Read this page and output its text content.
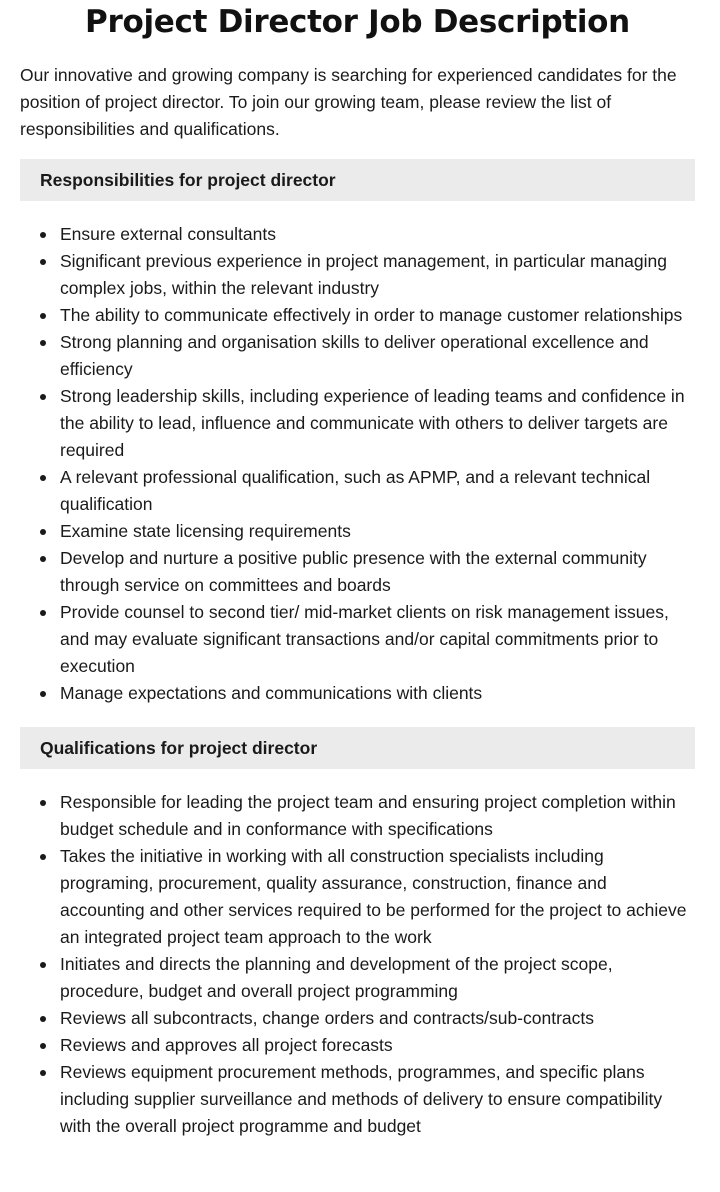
Project Director Job Description

Our innovative and growing company is searching for experienced candidates for the position of project director. To join our growing team, please review the list of responsibilities and qualifications.

Responsibilities for project director
Ensure external consultants
Significant previous experience in project management, in particular managing complex jobs, within the relevant industry
The ability to communicate effectively in order to manage customer relationships
Strong planning and organisation skills to deliver operational excellence and efficiency
Strong leadership skills, including experience of leading teams and confidence in the ability to lead, influence and communicate with others to deliver targets are required
A relevant professional qualification, such as APMP, and a relevant technical qualification
Examine state licensing requirements
Develop and nurture a positive public presence with the external community through service on committees and boards
Provide counsel to second tier/ mid-market clients on risk management issues, and may evaluate significant transactions and/or capital commitments prior to execution
Manage expectations and communications with clients
Qualifications for project director
Responsible for leading the project team and ensuring project completion within budget schedule and in conformance with specifications
Takes the initiative in working with all construction specialists including programing, procurement, quality assurance, construction, finance and accounting and other services required to be performed for the project to achieve an integrated project team approach to the work
Initiates and directs the planning and development of the project scope, procedure, budget and overall project programming
Reviews all subcontracts, change orders and contracts/sub-contracts
Reviews and approves all project forecasts
Reviews equipment procurement methods, programmes, and specific plans including supplier surveillance and methods of delivery to ensure compatibility with the overall project programme and budget
